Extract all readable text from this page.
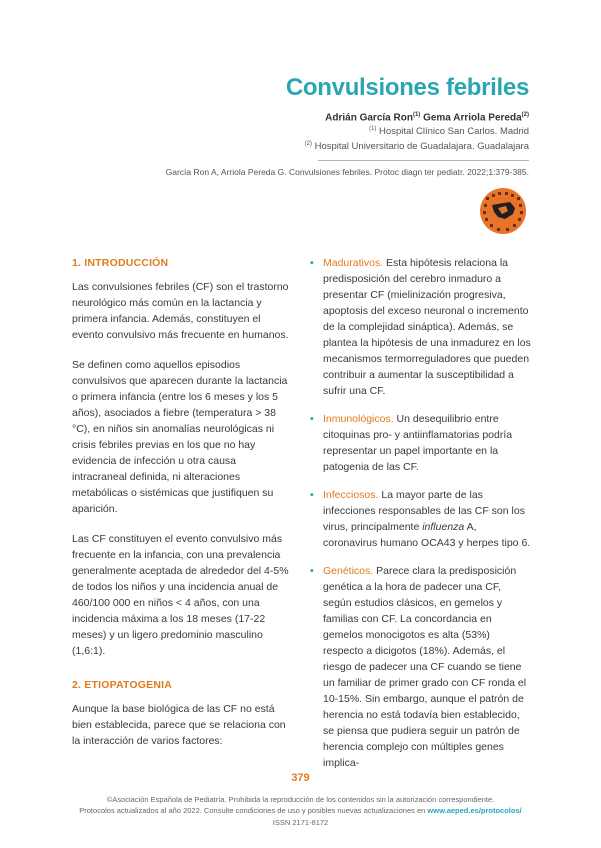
Convulsiones febriles
Adrián García Ron$^{(1)}$ Gema Arriola Pereda$^{(2)}$
$^{(1)}$ Hospital Clínico San Carlos. Madrid
$^{(2)}$ Hospital Universitario de Guadalajara. Guadalajara
García Ron A, Arriola Pereda G. Convulsiones febriles. Protoc diagn ter pediatr. 2022;1:379-385.
1. INTRODUCCIÓN

Las convulsiones febriles (CF) son el trastorno neurológico más común en la lactancia y primera infancia. Además, constituyen el evento convulsivo más frecuente en humanos.

Se definen como aquellos episodios convulsivos que aparecen durante la lactancia o primera infancia (entre los 6 meses y los 5 años), asociados a fiebre (temperatura > 38 °C), en niños sin anomalías neurológicas ni crisis febriles previas en los que no hay evidencia de infección u otra causa intracraneal definida, ni alteraciones metabólicas o sistémicas que justifiquen su aparición.

Las CF constituyen el evento convulsivo más frecuente en la infancia, con una prevalencia generalmente aceptada de alrededor del 4-5% de todos los niños y una incidencia anual de 460/100 000 en niños < 4 años, con una incidencia máxima a los 18 meses (17-22 meses) y un ligero predominio masculino (1,6:1).

2. ETIOPATOGENIA

Aunque la base biológica de las CF no está bien establecida, parece que se relaciona con la interacción de varios factores:

• Madurativos. Esta hipótesis relaciona la predisposición del cerebro inmaduro a presentar CF (mielinización progresiva, apoptosis del exceso neuronal o incremento de la complejidad sináptica). Además, se plantea la hipótesis de una inmadurez en los mecanismos termorreguladores que pueden contribuir a aumentar la susceptibilidad a sufrir una CF.
• Inmunológicos. Un desequilibrio entre citoquinas pro- y antiinflamatorias podría representar un papel importante en la patogenia de las CF.
• Infecciosos. La mayor parte de las infecciones responsables de las CF son los virus, principalmente influenza A, coronavirus humano OCA43 y herpes tipo 6.
• Genéticos. Parece clara la predisposición genética a la hora de padecer una CF, según estudios clásicos, en gemelos y familias con CF. La concordancia en gemelos monocigotos es alta (53%) respecto a dicigotos (18%). Además, el riesgo de padecer una CF cuando se tiene un familiar de primer grado con CF ronda el 10-15%. Sin embargo, aunque el patrón de herencia no está todavía bien establecido, se piensa que pudiera seguir un patrón de herencia complejo con múltiples genes implica-
379
©Asociación Española de Pediatría. Prohibida la reproducción de los contenidos sin la autorización correspondiente.
Protocolos actualizados al año 2022. Consulte condiciones de uso y posibles nuevas actualizaciones en www.aeped.es/protocolos/
ISSN 2171-8172
